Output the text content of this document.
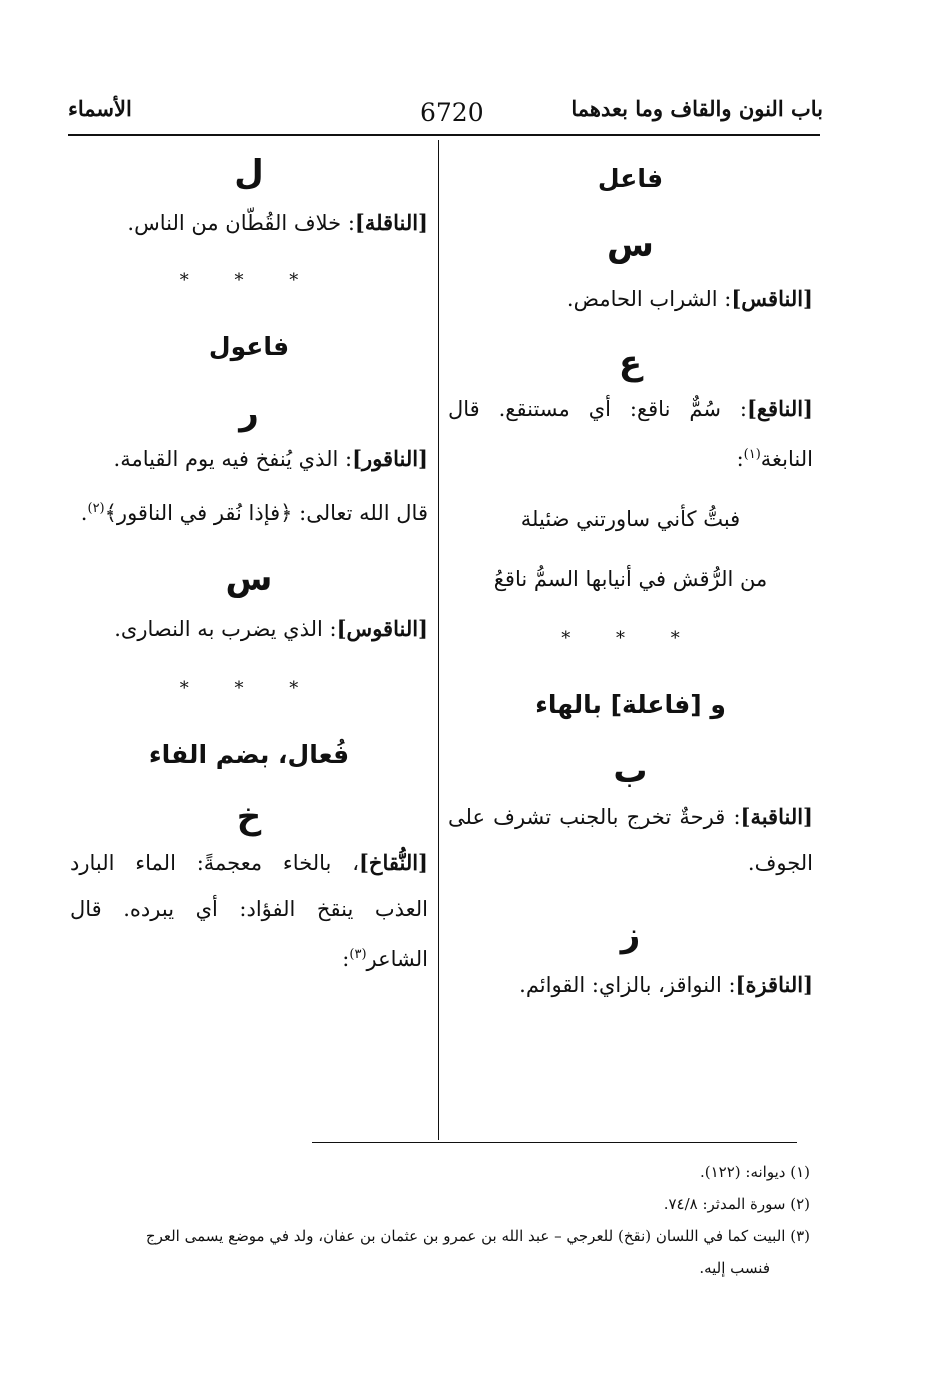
باب النون والقاف وما بعدهما
6720
الأسماء

فاعل

س

[الناقس]: الشراب الحامض.

ع

[الناقع]: سُمٌّ ناقع: أي مستنقع. قال النابغة$^{(١)}$:

فبتُّ كأني ساورتني ضئيلة

من الرُّقش في أنيابها السمُّ ناقعُ

* * *

و [فاعلة] بالهاء

ب

[الناقبة]: قرحةٌ تخرج بالجنب تشرف على الجوف.

ز

[الناقزة]: النواقز، بالزاي: القوائم.

ل

[الناقلة]: خلاف القُطّان من الناس.

* * *

فاعول

ر

[الناقور]: الذي يُنفخ فيه يوم القيامة.

قال الله تعالى: ﴿فإذا نُقر في الناقور﴾$^{(٢)}$.

س

[الناقوس]: الذي يضرب به النصارى.

* * *

فُعال، بضم الفاء

خ

[النُّقاخ]، بالخاء معجمةً: الماء البارد العذب ينقخ الفؤاد: أي يبرده. قال الشاعر$^{(٣)}$:

(١) ديوانه: (١٢٢).

(٢) سورة المدثر: ٧٤/٨.

(٣) البيت كما في اللسان (نقخ) للعرجي – عبد الله بن عمرو بن عثمان بن عفان، ولد في موضع يسمى العرج

فنسب إليه.
